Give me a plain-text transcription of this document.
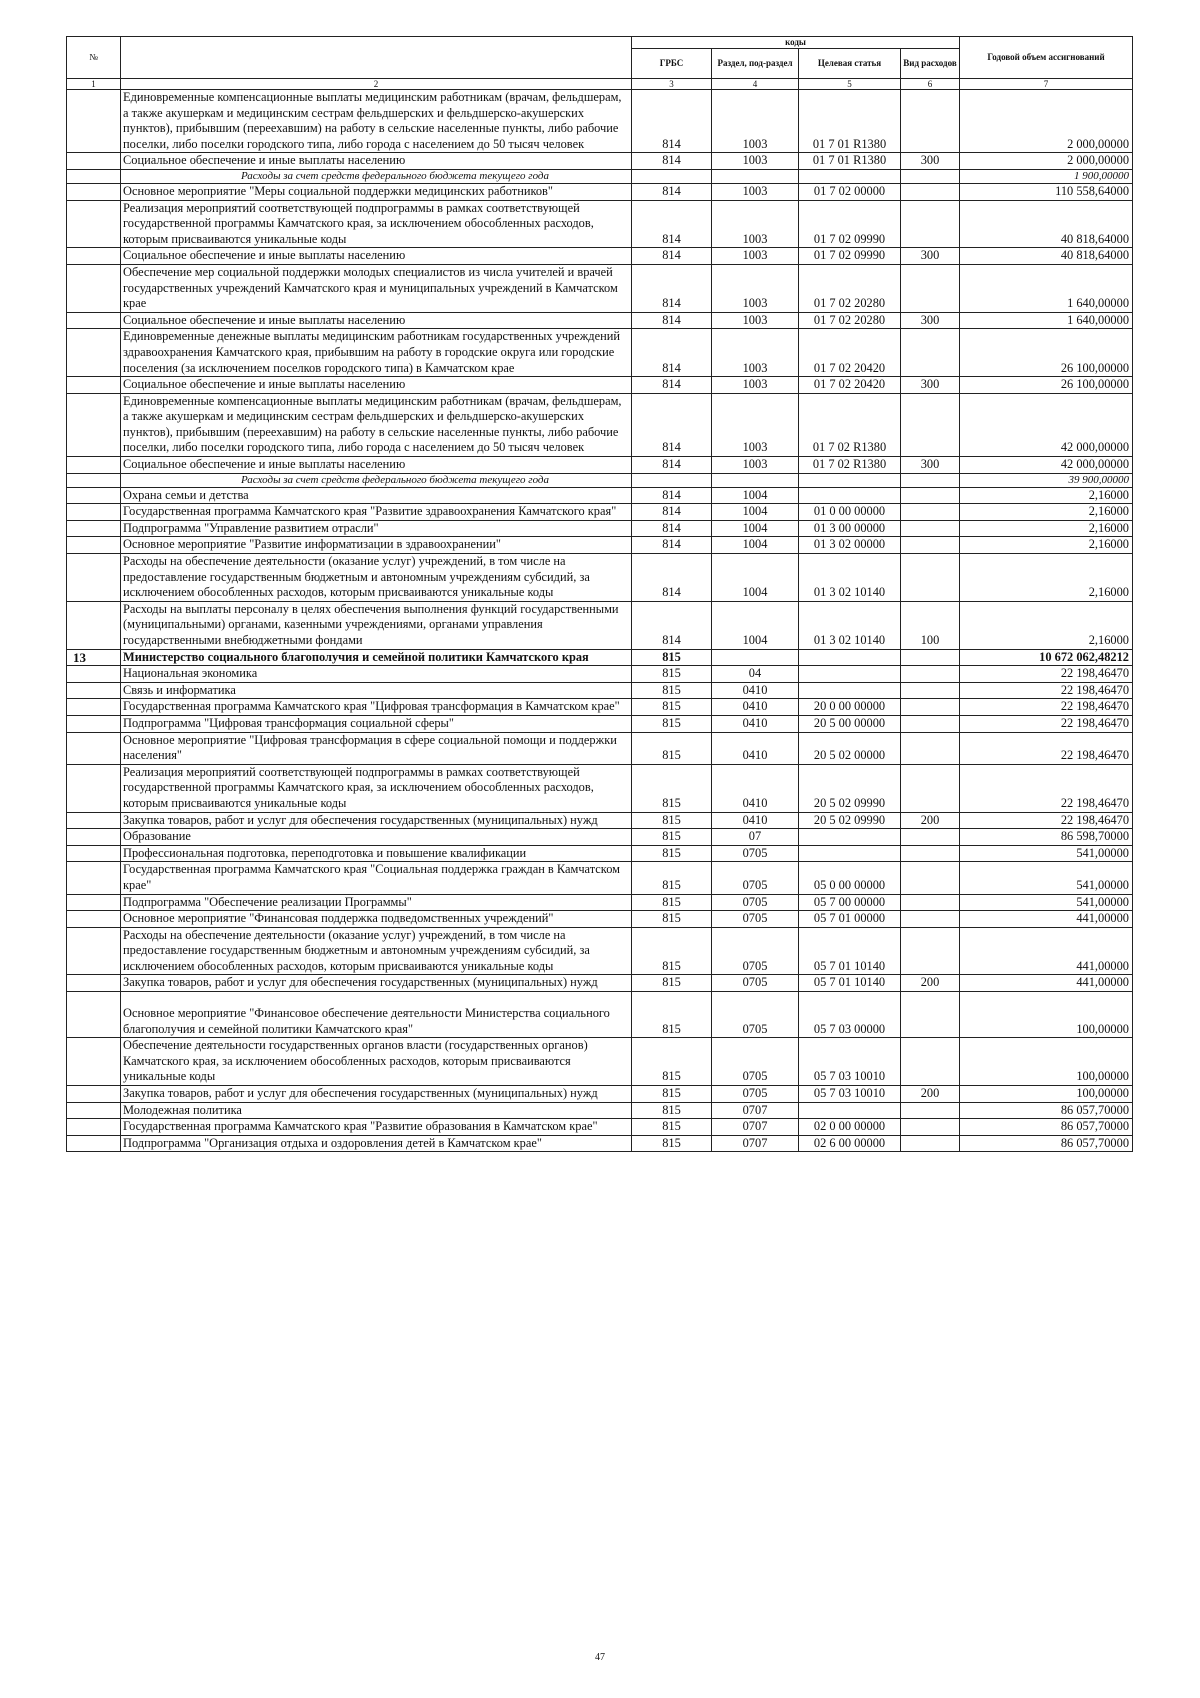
№		коды				Годовой объем ассигнований
		ГРБС	Раздел, под-раздел	Целевая статья	Вид расходов	
1	2	3	4	5	6	7
	Единовременные компенсационные выплаты медицинским работникам (врачам, фельдшерам, а также акушеркам и медицинским сестрам фельдшерских и фельдшерско-акушерских пунктов), прибывшим (переехавшим) на работу в сельские населенные пункты, либо рабочие поселки, либо поселки городского типа, либо города с населением до 50 тысяч человек	814	1003	01 7 01 R1380		2 000,00000
	Социальное обеспечение и иные выплаты населению	814	1003	01 7 01 R1380	300	2 000,00000
	Расходы за счет средств федерального бюджета текущего года					1 900,00000
	Основное мероприятие "Меры социальной поддержки медицинских работников"	814	1003	01 7 02 00000		110 558,64000
	Реализация мероприятий соответствующей подпрограммы в рамках соответствующей государственной программы Камчатского края, за исключением обособленных расходов, которым присваиваются уникальные коды	814	1003	01 7 02 09990		40 818,64000
	Социальное обеспечение и иные выплаты населению	814	1003	01 7 02 09990	300	40 818,64000
	Обеспечение мер социальной поддержки молодых специалистов из числа учителей и врачей государственных учреждений Камчатского края и муниципальных учреждений в Камчатском крае	814	1003	01 7 02 20280		1 640,00000
	Социальное обеспечение и иные выплаты населению	814	1003	01 7 02 20280	300	1 640,00000
	Единовременные денежные выплаты медицинским работникам государственных учреждений здравоохранения Камчатского края, прибывшим на работу в городские округа или городские поселения (за исключением поселков городского типа) в Камчатском крае	814	1003	01 7 02 20420		26 100,00000
	Социальное обеспечение и иные выплаты населению	814	1003	01 7 02 20420	300	26 100,00000
	Единовременные компенсационные выплаты медицинским работникам (врачам, фельдшерам, а также акушеркам и медицинским сестрам фельдшерских и фельдшерско-акушерских пунктов), прибывшим (переехавшим) на работу в сельские населенные пункты, либо рабочие поселки, либо поселки городского типа, либо города с населением до 50 тысяч человек	814	1003	01 7 02 R1380		42 000,00000
	Социальное обеспечение и иные выплаты населению	814	1003	01 7 02 R1380	300	42 000,00000
	Расходы за счет средств федерального бюджета текущего года					39 900,00000
	Охрана семьи и детства	814	1004			2,16000
	Государственная программа Камчатского края "Развитие здравоохранения Камчатского края"	814	1004	01 0 00 00000		2,16000
	Подпрограмма "Управление развитием отрасли"	814	1004	01 3 00 00000		2,16000
	Основное мероприятие "Развитие информатизации в здравоохранении"	814	1004	01 3 02 00000		2,16000
	Расходы на обеспечение деятельности (оказание услуг) учреждений, в том числе на предоставление государственным бюджетным и автономным учреждениям субсидий, за исключением обособленных расходов, которым присваиваются уникальные коды	814	1004	01 3 02 10140		2,16000
	Расходы на выплаты персоналу в целях обеспечения выполнения функций государственными (муниципальными) органами, казенными учреждениями, органами управления государственными внебюджетными фондами	814	1004	01 3 02 10140	100	2,16000
13	Министерство социального благополучия и семейной политики Камчатского края	815				10 672 062,48212
	Национальная экономика	815	04			22 198,46470
	Связь и информатика	815	0410			22 198,46470
	Государственная программа Камчатского края "Цифровая трансформация в Камчатском крае"	815	0410	20 0 00 00000		22 198,46470
	Подпрограмма "Цифровая трансформация социальной сферы"	815	0410	20 5 00 00000		22 198,46470
	Основное мероприятие "Цифровая трансформация в сфере социальной помощи и поддержки населения"	815	0410	20 5 02 00000		22 198,46470
	Реализация мероприятий соответствующей подпрограммы в рамках соответствующей государственной программы Камчатского края, за исключением обособленных расходов, которым присваиваются уникальные коды	815	0410	20 5 02 09990		22 198,46470
	Закупка товаров, работ и услуг для обеспечения государственных (муниципальных) нужд	815	0410	20 5 02 09990	200	22 198,46470
	Образование	815	07			86 598,70000
	Профессиональная подготовка, переподготовка и повышение квалификации	815	0705			541,00000
	Государственная программа Камчатского края "Социальная поддержка граждан в Камчатском крае"	815	0705	05 0 00 00000		541,00000
	Подпрограмма "Обеспечение реализации Программы"	815	0705	05 7 00 00000		541,00000
	Основное мероприятие "Финансовая поддержка подведомственных учреждений"	815	0705	05 7 01 00000		441,00000
	Расходы на обеспечение деятельности (оказание услуг) учреждений, в том числе на предоставление государственным бюджетным и автономным учреждениям субсидий, за исключением обособленных расходов, которым присваиваются уникальные коды	815	0705	05 7 01 10140		441,00000
	Закупка товаров, работ и услуг для обеспечения государственных (муниципальных) нужд	815	0705	05 7 01 10140	200	441,00000
	Основное мероприятие "Финансовое обеспечение деятельности Министерства социального благополучия и семейной политики Камчатского края"	815	0705	05 7 03 00000		100,00000
	Обеспечение деятельности государственных органов власти (государственных органов) Камчатского края, за исключением обособленных расходов, которым присваиваются уникальные коды	815	0705	05 7 03 10010		100,00000
	Закупка товаров, работ и услуг для обеспечения государственных (муниципальных) нужд	815	0705	05 7 03 10010	200	100,00000
	Молодежная политика	815	0707			86 057,70000
	Государственная программа Камчатского края "Развитие образования в Камчатском крае"	815	0707	02 0 00 00000		86 057,70000
	Подпрограмма "Организация отдыха и оздоровления детей в Камчатском крае"	815	0707	02 6 00 00000		86 057,70000
47
